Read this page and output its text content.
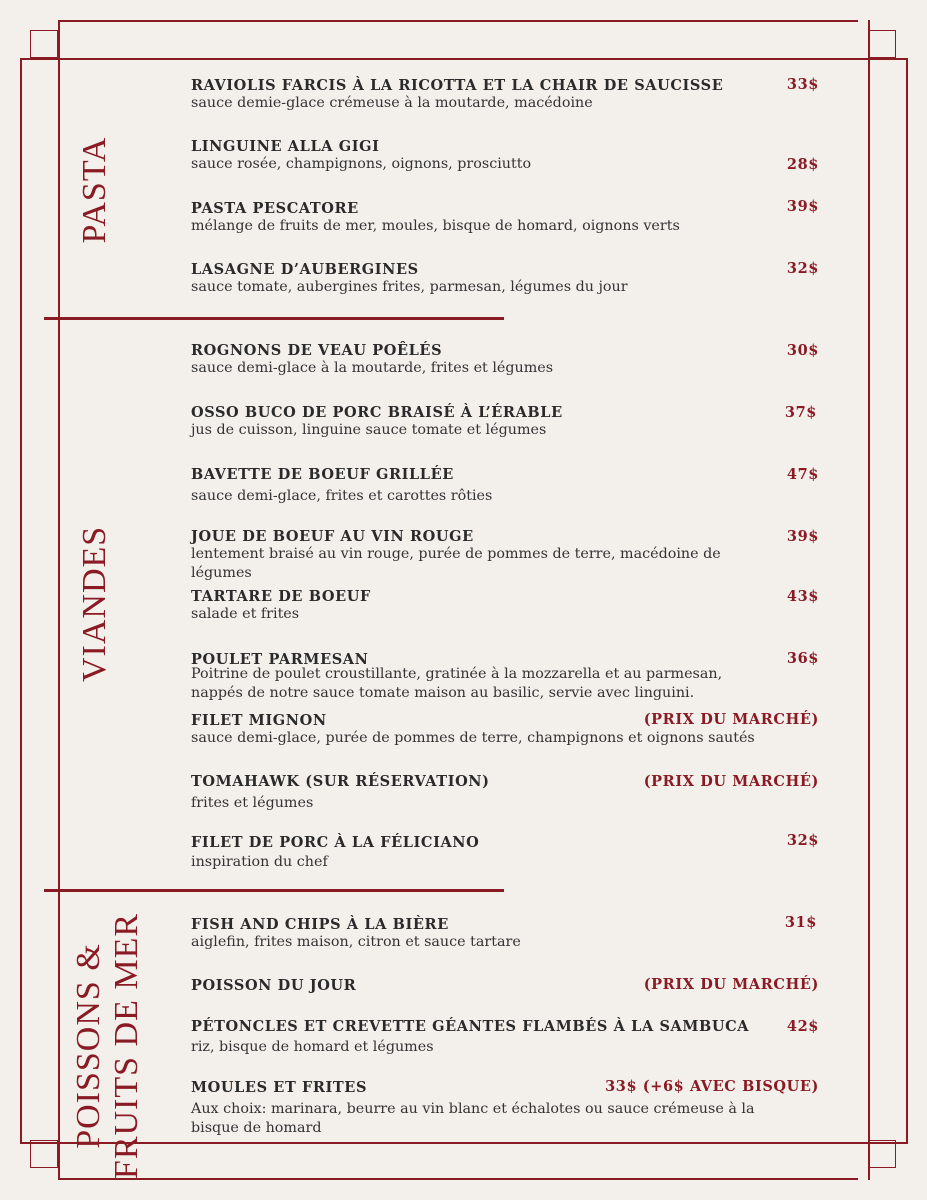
PASTA
VIANDES
POISSONS & FRUITS DE MER
RAVIOLIS FARCIS À LA RICOTTA ET LA CHAIR DE SAUCISSE
sauce demie-glace crémeuse à la moutarde, macédoine
33$
LINGUINE ALLA GIGI
sauce rosée, champignons, oignons, prosciutto	28$
PASTA PESCATORE
mélange de fruits de mer, moules, bisque de homard, oignons verts
39$
LASAGNE D’AUBERGINES
sauce tomate, aubergines frites, parmesan, légumes du jour
32$
ROGNONS DE VEAU POÊLÉS
sauce demi-glace à la moutarde, frites et légumes
30$
OSSO BUCO DE PORC BRAISÉ À L’ÉRABLE
jus de cuisson, linguine sauce tomate et légumes
37$
BAVETTE DE BOEUF GRILLÉE
sauce demi-glace, frites et carottes rôties
47$
JOUE DE BOEUF AU VIN ROUGE
lentement braisé au vin rouge, purée de pommes de terre, macédoine de légumes
39$
TARTARE DE BOEUF
salade et frites
43$
POULET PARMESAN
Poitrine de poulet croustillante, gratinée à la mozzarella et au parmesan, nappés de notre sauce tomate maison au basilic, servie avec linguini.
36$
FILET MIGNON
sauce demi-glace, purée de pommes de terre, champignons et oignons sautés
(PRIX DU MARCHÉ)
TOMAHAWK (SUR RÉSERVATION)
frites et légumes
(PRIX DU MARCHÉ)
FILET DE PORC À LA FÉLICIANO
inspiration du chef
32$
FISH AND CHIPS À LA BIÈRE
aiglefin, frites maison, citron et sauce tartare
31$
POISSON DU JOUR	(PRIX DU MARCHÉ)
PÉTONCLES ET CREVETTE GÉANTES FLAMBÉS À LA SAMBUCA
riz, bisque de homard et légumes
42$
MOULES ET FRITES
Aux choix: marinara, beurre au vin blanc et échalotes ou sauce crémeuse à la bisque de homard
33$ (+6$ AVEC BISQUE)
